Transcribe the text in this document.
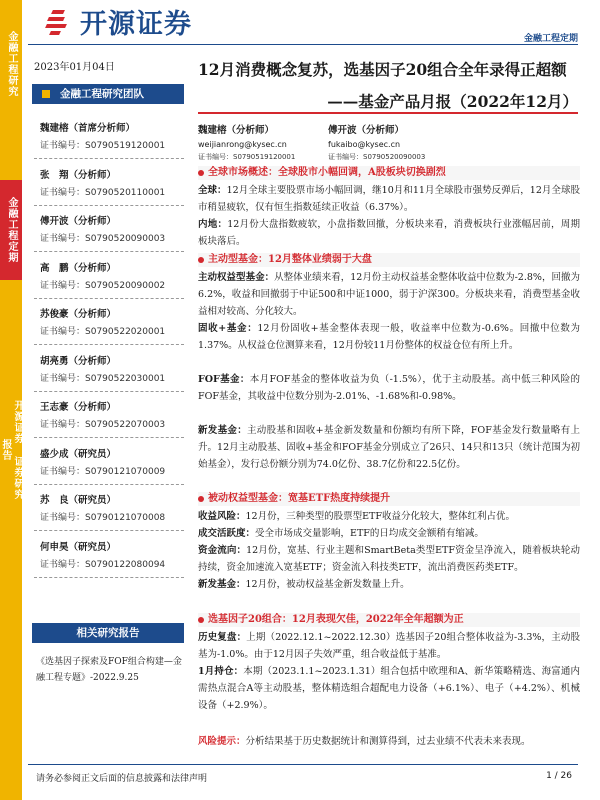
金融工程研究
金融工程定期
开源证券 证券研究报告
开源证券	金融工程定期
2023年01月04日
金融工程研究团队
魏建榕（首席分析师）
证书编号：S0790519120001
张　翔（分析师）
证书编号：S0790520110001
傅开波（分析师）
证书编号：S0790520090003
高　鹏（分析师）
证书编号：S0790520090002
苏俊豪（分析师）
证书编号：S0790522020001
胡亮勇（分析师）
证书编号：S0790522030001
王志豪（分析师）
证书编号：S0790522070003
盛少成（研究员）
证书编号：S0790121070009
苏　良（研究员）
证书编号：S0790121070008
何申昊（研究员）
证书编号：S0790122080094
相关研究报告
《选基因子探索及FOF组合构建—金融工程专题》-2022.9.25
12月消费概念复苏，选基因子20组合全年录得正超额
——基金产品月报（2022年12月）
魏建榕（分析师）
weijianrong@kysec.cn
证书编号：S0790519120001
傅开波（分析师）
fukaibo@kysec.cn
证书编号：S0790520090003
全球市场概述：全球股市小幅回调，A股板块切换剧烈
全球：12月全球主要股票市场小幅回调，继10月和11月全球股市强势反弹后，12月全球股市稍显疲软，仅有恒生指数延续正收益（6.37%）。
内地：12月份大盘指数疲软，小盘指数回撤，分板块来看，消费板块行业涨幅居前，周期板块落后。
主动型基金：12月整体业绩弱于大盘
主动权益型基金：从整体业绩来看，12月份主动权益基金整体收益中位数为-2.8%，回撤为6.2%，收益和回撤弱于中证500和中证1000，弱于沪深300。分板块来看，消费型基金收益相对较高、分化较大。
固收+基金：12月份固收+基金整体表现一般，收益率中位数为-0.6%。回撤中位数为1.37%。从权益仓位测算来看，12月份较11月份整体的权益仓位有所上升。
FOF基金：本月FOF基金的整体收益为负（-1.5%），优于主动股基。高中低三种风险的FOF基金，其收益中位数分别为-2.01%、-1.68%和-0.98%。
新发基金：主动股基和固收+基金新发数量和份额均有所下降，FOF基金发行数量略有上升。12月主动股基、固收+基金和FOF基金分别成立了26只、14只和13只（统计范围为初始基金），发行总份额分别为74.0亿份、38.7亿份和22.5亿份。
被动权益型基金：宽基ETF热度持续提升
收益风险：12月份，三种类型的股票型ETF收益分化较大，整体红利占优。
成交活跃度：受全市场成交量影响，ETF的日均成交金额稍有缩减。
资金流向：12月份，宽基、行业主题和SmartBeta类型ETF资金呈净流入，随着板块轮动持续，资金加速流入宽基ETF；资金流入科技类ETF，流出消费医药类ETF。
新发基金：12月份，被动权益基金新发数量上升。
选基因子20组合：12月表现欠佳，2022年全年超额为正
历史复盘：上期（2022.12.1~2022.12.30）选基因子20组合整体收益为-3.3%，主动股基为-1.0%。由于12月因子失效严重，组合收益低于基准。
1月持仓：本期（2023.1.1~2023.1.31）组合包括中欧理和A、新华策略精选、海富通内需热点混合A等主动股基，整体精选组合超配电力设备（+6.1%）、电子（+4.2%）、机械设备（+2.9%）。
风险提示：分析结果基于历史数据统计和测算得到，过去业绩不代表未来表现。
请务必参阅正文后面的信息披露和法律声明	1 / 26
